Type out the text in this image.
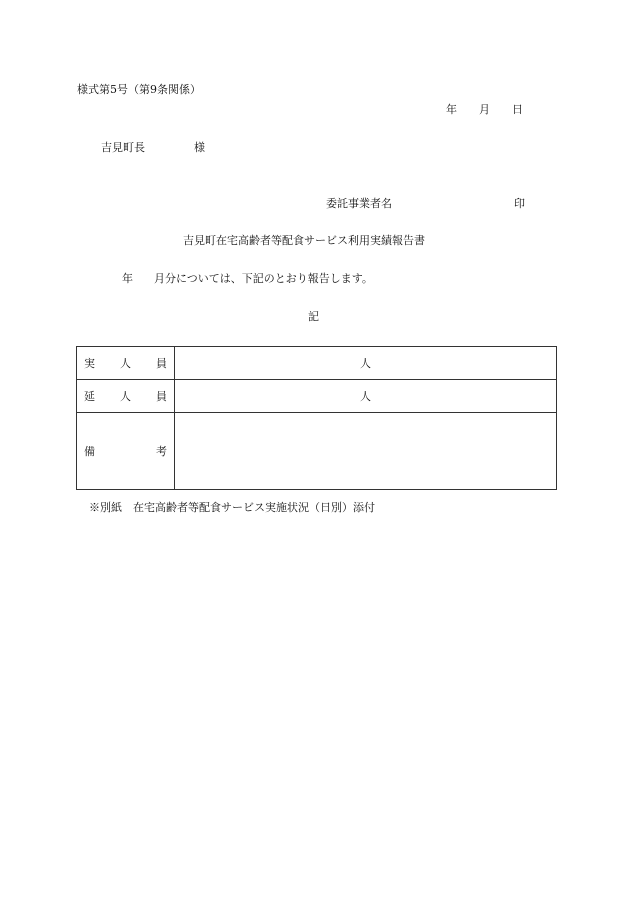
様式第5号（第9条関係）
年 月 日
吉見町長	様
委託事業者名	印
吉見町在宅高齢者等配食サービス利用実績報告書
年 月分については、下記のとおり報告します。
記
実 人 員	人

延 人 員	人

備 考	

※別紙　在宅高齢者等配食サービス実施状況（日別）添付
